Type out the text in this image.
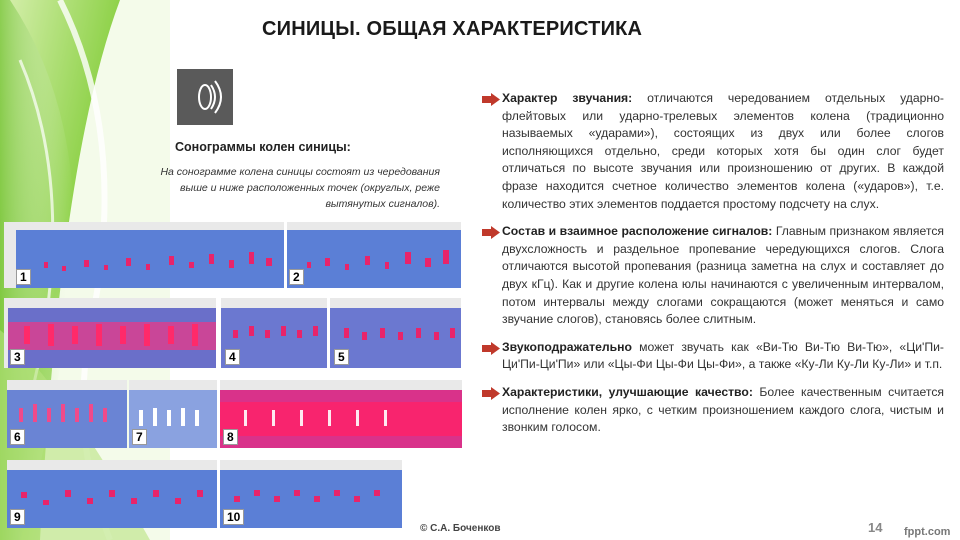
СИНИЦЫ. ОБЩАЯ ХАРАКТЕРИСТИКА
Сонограммы колен синицы:
На сонограмме колена синицы состоят из чередования выше и ниже расположенных точек (округлых, реже вытянутых сигналов).
1	2
3	4	5
6	7	8
9	10
Характер звучания: отличаются чередованием отдельных ударно-флейтовых или ударно-трелевых элементов колена (традиционно называемых «ударами»), состоящих из двух или более слогов исполняющихся отдельно, среди которых хотя бы один слог будет отличаться по высоте звучания или произношению от других. В каждой фразе находится счетное количество элементов колена («ударов»), т.е. количество этих элементов поддается простому подсчету на слух.
Состав и взаимное расположение сигналов: Главным признаком является двухсложность и раздельное пропевание чередующихся слогов. Слога отличаются высотой пропевания (разница заметна на слух и составляет до двух кГц). Как и другие колена юлы начинаются с увеличенным интервалом, потом интервалы между слогами сокращаются (может меняться и само звучание слогов), становясь более слитным.
Звукоподражательно может звучать как «Ви-Тю Ви-Тю Ви-Тю», «Ци'Пи-Ци'Пи-Ци'Пи» или «Цы-Фи Цы-Фи Цы-Фи», а также «Ку-Ли Ку-Ли Ку-Ли» и т.п.
Характеристики, улучшающие качество: Более качественным считается исполнение колен ярко, с четким произношением каждого слога, чистым и звонким голосом.
© С.А. Боченков	14 fppt.com
